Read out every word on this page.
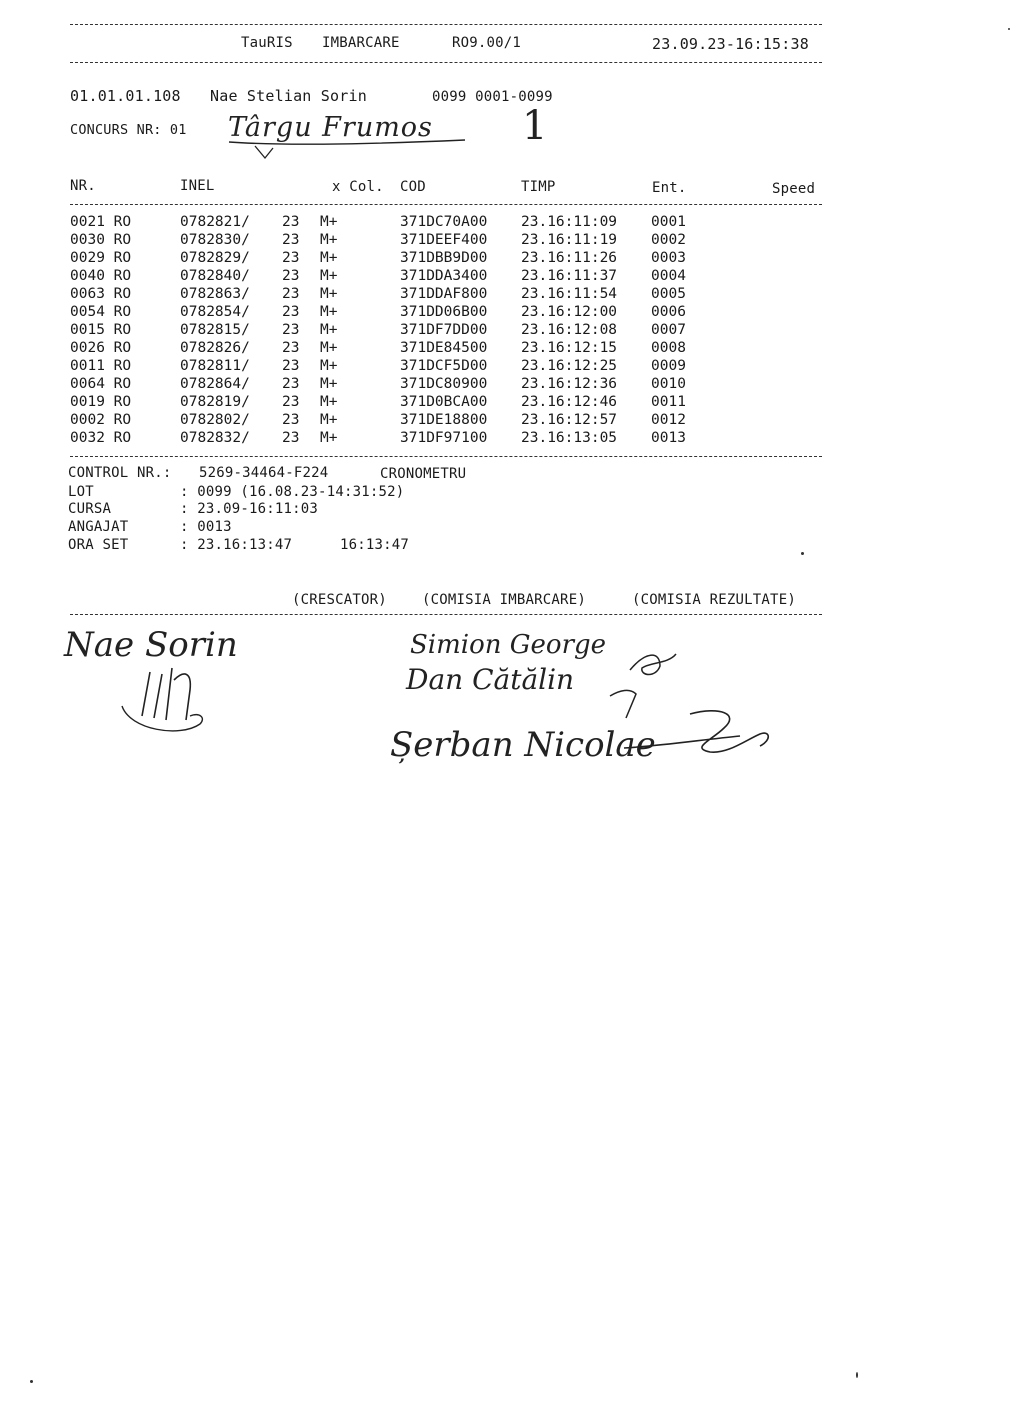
TauRIS IMBARCARE	RO9.00/1	23.09.23-16:15:38
01.01.01.108 Nae Stelian Sorin	0099 0001-0099
CONCURS NR: 01 Târgu Frumos 1
NR.	INEL	x Col. COD	TIMP	Ent.	Speed
0021 RO	0782821/ 23 M+	371DC70A00 23.16:11:09 0001
0030 RO	0782830/ 23 M+	371DEEF400 23.16:11:19 0002
0029 RO	0782829/ 23 M+	371DBB9D00 23.16:11:26 0003
0040 RO	0782840/ 23 M+	371DDA3400 23.16:11:37 0004
0063 RO	0782863/ 23 M+	371DDAF800 23.16:11:54 0005
0054 RO	0782854/ 23 M+	371DD06B00 23.16:12:00 0006
0015 RO	0782815/ 23 M+	371DF7DD00 23.16:12:08 0007
0026 RO	0782826/ 23 M+	371DE84500 23.16:12:15 0008
0011 RO	0782811/ 23 M+	371DCF5D00 23.16:12:25 0009
0064 RO	0782864/ 23 M+	371DC80900 23.16:12:36 0010
0019 RO	0782819/ 23 M+	371D0BCA00 23.16:12:46 0011
0002 RO	0782802/ 23 M+	371DE18800 23.16:12:57 0012
0032 RO	0782832/ 23 M+	371DF97100 23.16:13:05 0013
CONTROL NR.: 5269-34464-F224	CRONOMETRU
LOT	: 0099 (16.08.23-14:31:52)
CURSA	: 23.09-16:11:03
ANGAJAT	: 0013
ORA SET	: 23.16:13:47	16:13:47
(CRESCATOR)	(COMISIA IMBARCARE)	(COMISIA REZULTATE)
Nae Sorin	Simion George
Dan Cătălin
Șerban Nicolae
